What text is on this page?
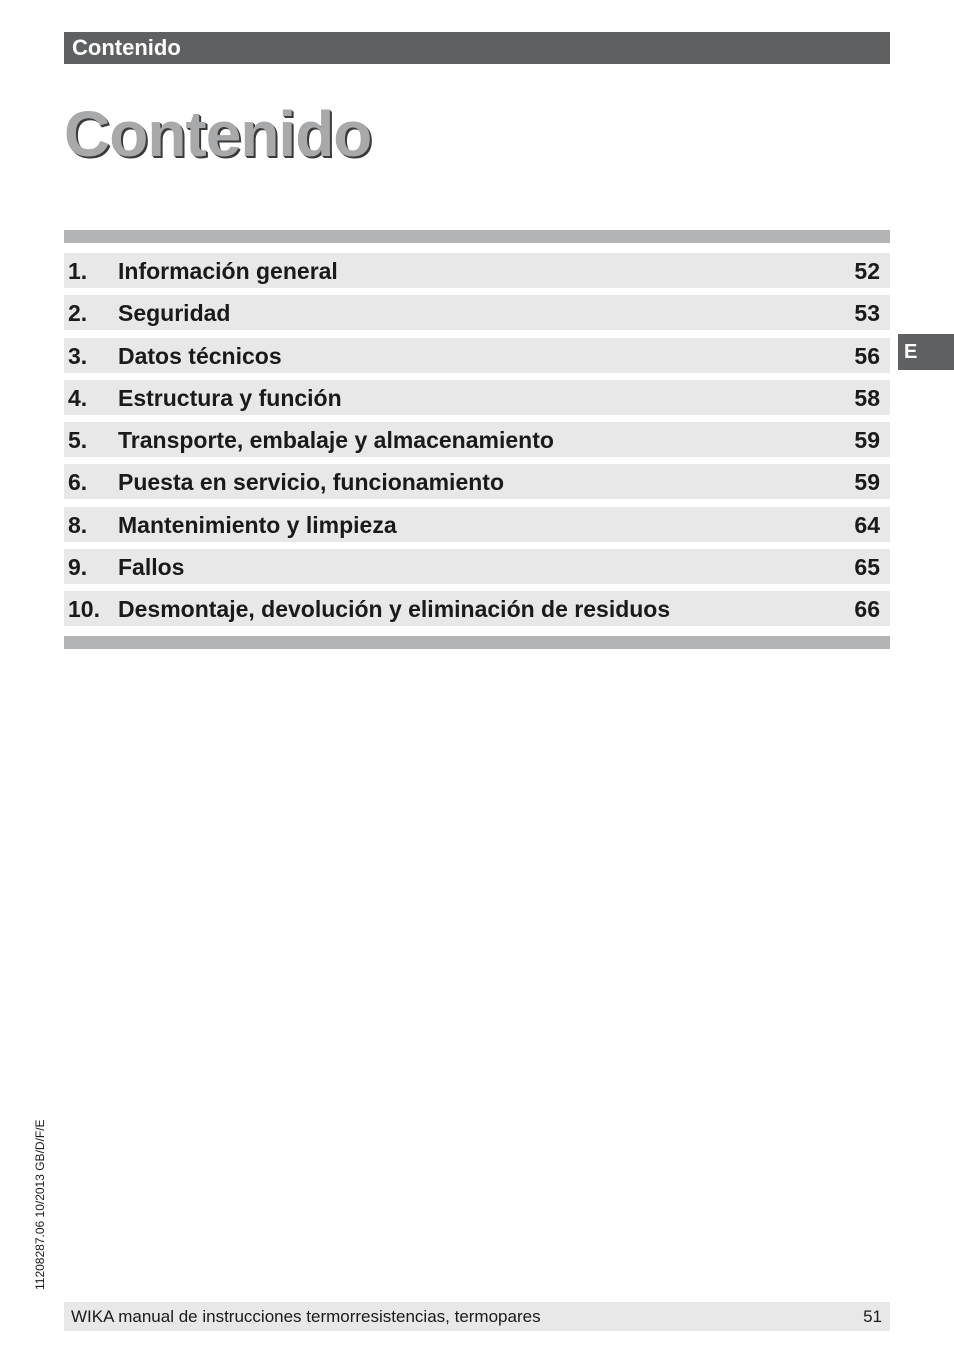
Contenido
Contenido
1. Información general	52
2. Seguridad	53
3. Datos técnicos	56
4. Estructura y función	58
5. Transporte, embalaje y almacenamiento	59
6. Puesta en servicio, funcionamiento	59
8. Mantenimiento y limpieza	64
9. Fallos	65
10. Desmontaje, devolución y eliminación de residuos	66
E
11208287.06 10/2013 GB/D/F/E
WIKA manual de instrucciones termorresistencias, termopares	51
